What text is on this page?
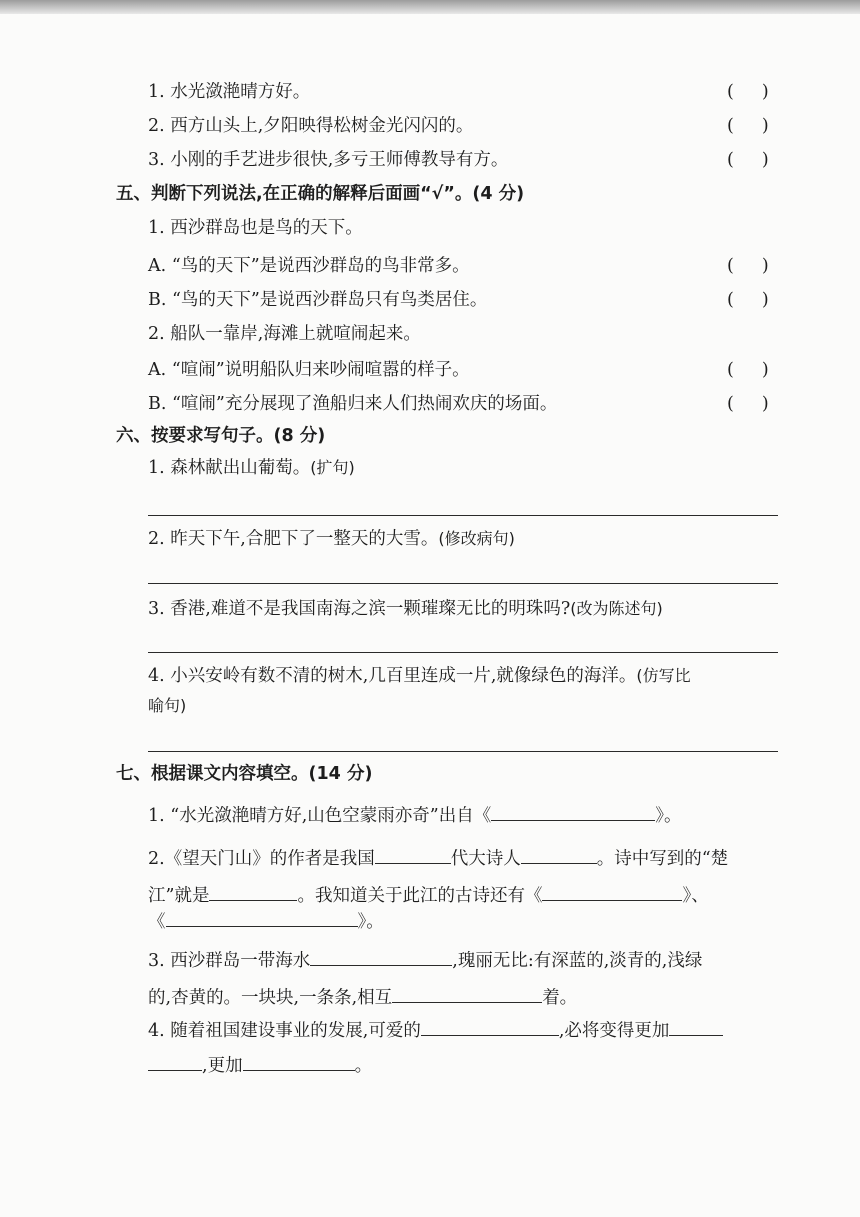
1. 水光潋滟晴方好。	( )
2. 西方山头上,夕阳映得松树金光闪闪的。	( )
3. 小刚的手艺进步很快,多亏王师傅教导有方。	( )
五、判断下列说法,在正确的解释后面画“√”。(4 分)
1. 西沙群岛也是鸟的天下。
A. “鸟的天下”是说西沙群岛的鸟非常多。	( )
B. “鸟的天下”是说西沙群岛只有鸟类居住。	( )
2. 船队一靠岸,海滩上就喧闹起来。
A. “喧闹”说明船队归来吵闹喧嚣的样子。	( )
B. “喧闹”充分展现了渔船归来人们热闹欢庆的场面。	( )
六、按要求写句子。(8 分)
1. 森林献出山葡萄。(扩句)
2. 昨天下午,合肥下了一整天的大雪。(修改病句)
3. 香港,难道不是我国南海之滨一颗璀璨无比的明珠吗?(改为陈述句)
4. 小兴安岭有数不清的树木,几百里连成一片,就像绿色的海洋。(仿写比
喻句)
七、根据课文内容填空。(14 分)
1. “水光潋滟晴方好,山色空蒙雨亦奇”出自《	》。
2.《望天门山》的作者是我国	代大诗人	。诗中写到的“楚
江”就是	。我知道关于此江的古诗还有《	》、
《	》。
3. 西沙群岛一带海水	,瑰丽无比:有深蓝的,淡青的,浅绿
的,杏黄的。一块块,一条条,相互	着。
4. 随着祖国建设事业的发展,可爱的	,必将变得更加
,更加	。
